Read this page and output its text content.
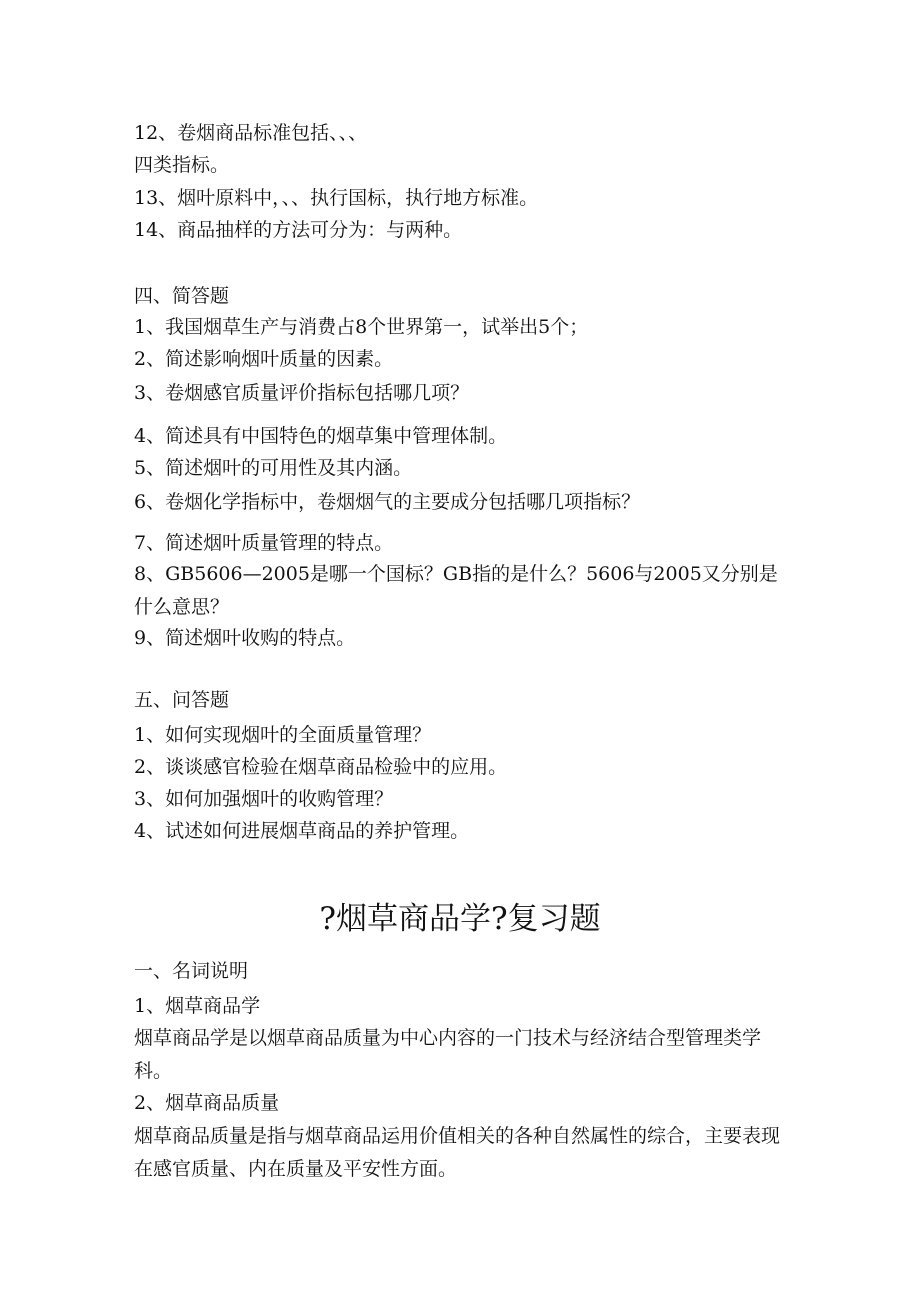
12、卷烟商品标准包括、、、
四类指标。
13、烟叶原料中，、、执行国标，执行地方标准。
14、商品抽样的方法可分为：与两种。
四、简答题
1、我国烟草生产与消费占8个世界第一，试举出5个；
2、简述影响烟叶质量的因素。
3、卷烟感官质量评价指标包括哪几项？
4、简述具有中国特色的烟草集中管理体制。
5、简述烟叶的可用性及其内涵。
6、卷烟化学指标中，卷烟烟气的主要成分包括哪几项指标？
7、简述烟叶质量管理的特点。
8、GB5606—2005是哪一个国标？GB指的是什么？5606与2005又分别是什么意思？
9、简述烟叶收购的特点。
五、问答题
1、如何实现烟叶的全面质量管理？
2、谈谈感官检验在烟草商品检验中的应用。
3、如何加强烟叶的收购管理？
4、试述如何进展烟草商品的养护管理。
?烟草商品学?复习题
一、名词说明
1、烟草商品学
烟草商品学是以烟草商品质量为中心内容的一门技术与经济结合型管理类学科。
2、烟草商品质量
烟草商品质量是指与烟草商品运用价值相关的各种自然属性的综合，主要表现在感官质量、内在质量及平安性方面。
